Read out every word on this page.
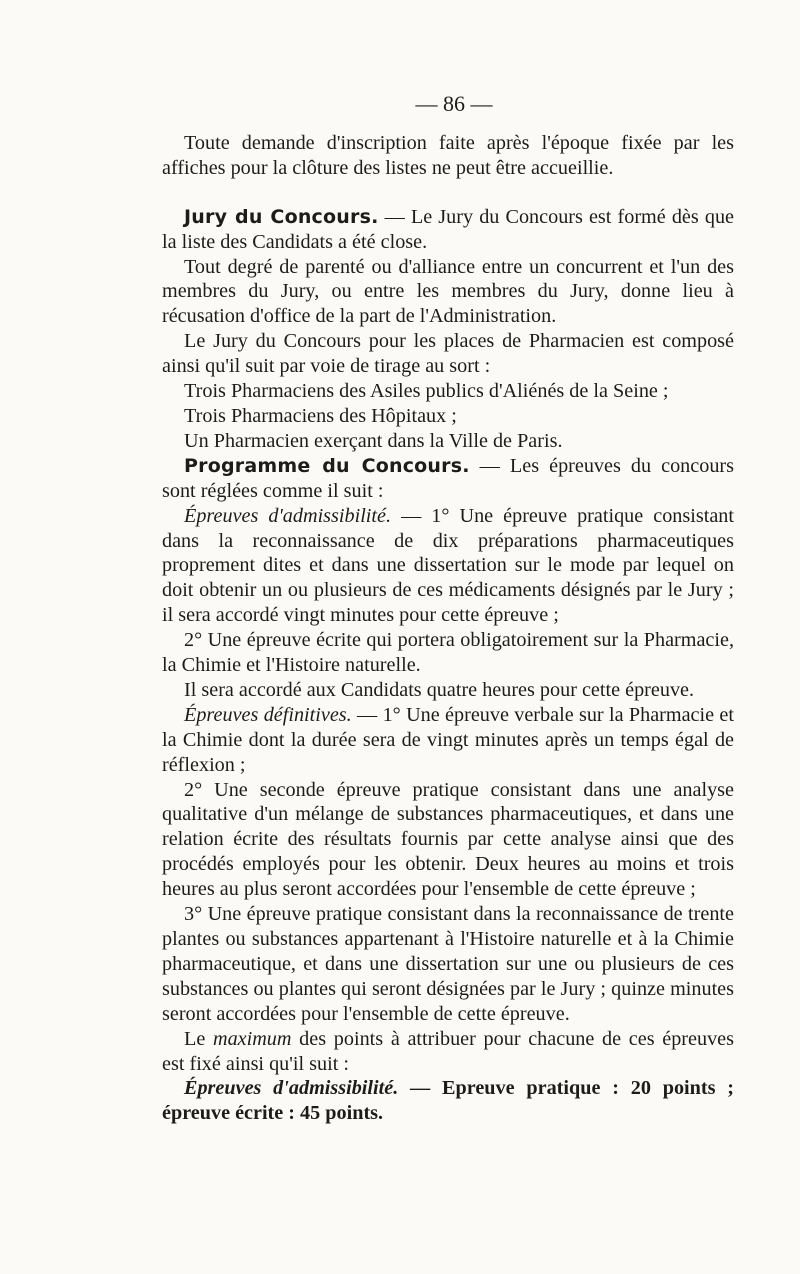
— 86 —

Toute demande d'inscription faite après l'époque fixée par les affiches pour la clôture des listes ne peut être accueillie.

Jury du Concours. — Le Jury du Concours est formé dès que la liste des Candidats a été close.

Tout degré de parenté ou d'alliance entre un concurrent et l'un des membres du Jury, ou entre les membres du Jury, donne lieu à récusation d'office de la part de l'Administration.

Le Jury du Concours pour les places de Pharmacien est composé ainsi qu'il suit par voie de tirage au sort :

Trois Pharmaciens des Asiles publics d'Aliénés de la Seine ;

Trois Pharmaciens des Hôpitaux ;

Un Pharmacien exerçant dans la Ville de Paris.

Programme du Concours. — Les épreuves du concours sont réglées comme il suit :

Épreuves d'admissibilité. — 1° Une épreuve pratique consistant dans la reconnaissance de dix préparations pharmaceutiques proprement dites et dans une dissertation sur le mode par lequel on doit obtenir un ou plusieurs de ces médicaments désignés par le Jury ; il sera accordé vingt minutes pour cette épreuve ;

2° Une épreuve écrite qui portera obligatoirement sur la Pharmacie, la Chimie et l'Histoire naturelle.

Il sera accordé aux Candidats quatre heures pour cette épreuve.

Épreuves définitives. — 1° Une épreuve verbale sur la Pharmacie et la Chimie dont la durée sera de vingt minutes après un temps égal de réflexion ;

2° Une seconde épreuve pratique consistant dans une analyse qualitative d'un mélange de substances pharmaceutiques, et dans une relation écrite des résultats fournis par cette analyse ainsi que des procédés employés pour les obtenir. Deux heures au moins et trois heures au plus seront accordées pour l'ensemble de cette épreuve ;

3° Une épreuve pratique consistant dans la reconnaissance de trente plantes ou substances appartenant à l'Histoire naturelle et à la Chimie pharmaceutique, et dans une dissertation sur une ou plusieurs de ces substances ou plantes qui seront désignées par le Jury ; quinze minutes seront accordées pour l'ensemble de cette épreuve.

Le maximum des points à attribuer pour chacune de ces épreuves est fixé ainsi qu'il suit :

Épreuves d'admissibilité. — Epreuve pratique : 20 points ; épreuve écrite : 45 points.
